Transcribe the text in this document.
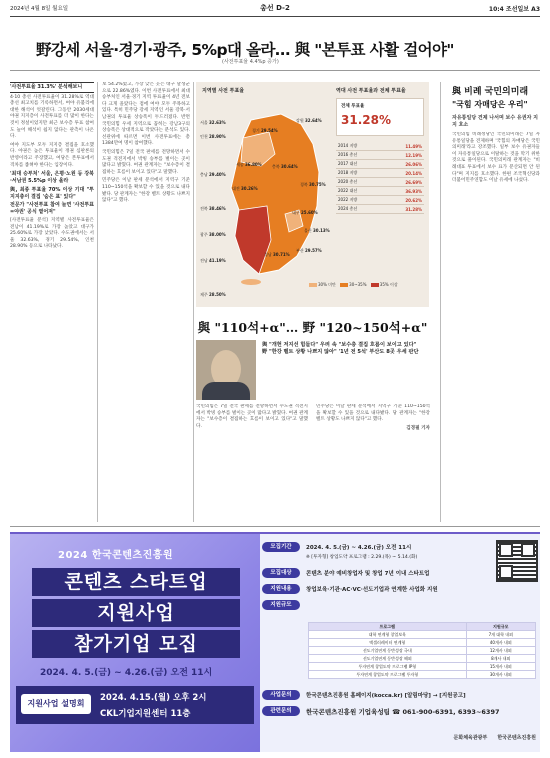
2024년 4월 8일 월요일	총선 D-2	10:4 조선일보 A3
野강세 서울·경기·광주, 5%p대 올라… 與 "본투표 사활 걸어야"
(사전투표율 4.4%p 증가)
'사전투표율 31.3%' 분석해보니

4·10 총선 사전투표율이 31.28%로 역대 총선 최고치를 기록하면서, 여야 유불리에 대한 해석이 엇갈린다. 그동안 2030세대 야권 지지층이 사전투표를 더 많이 한다는 것이 정설이었지만 최근 보수층 투표 참여도 늘어 해석이 쉽지 않다는 관측이 나온다.

여야 지도부 모두 지지층 결집을 호소했다. 야권은 높은 투표율이 정권 심판론의 반영이라고 주장했고, 여당은 본투표에서 격차를 좁혀야 한다는 입장이다.

'최대 승부처' 서울, 은평·노원 등 강북·서남권 5.5%p 이상 올라
與, 최종 투표율 70% 이상 기대 "투지지층이 결집 '숨은 표' 있다"
전문가 "사전투표 참여 늘면 '사전투표=야권' 공식 옅어져"

[사전투표율 분석] 지역별 사전투표율은 전남이 41.19%로 가장 높았고 대구가 25.60%로 가장 낮았다. 수도권에서는 서울 32.63%, 경기 29.54%, 인천 28.90% 등으로 나타났다.

보 54.2%였고, 가장 낮은 곳은 대구 달성군으로 22.86%였다. 이번 사전투표에서 최대 승부처인 서울·경기 지역 투표율이 4년 전보다 크게 올랐다는 점에 여야 모두 주목하고 있다. 특히 민주당 강세 지역인 서울 강북·서남권의 투표율 상승폭이 두드러졌다. 반면 국민의힘 우세 지역으로 꼽히는 강남3구의 상승폭은 상대적으로 작았다는 분석도 있다. 선관위에 따르면 이번 사전투표에는 총 1384만여 명이 참여했다.

국민의힘은 7일 전국 판세를 전망하면서 수도권 격전지에서 박빙 승부를 벌이는 곳이 많다고 밝혔다. 여권 관계자는 "보수층이 결집하는 흐름이 보이고 있다"고 말했다.

민주당은 이날 판세 분석에서 지역구 기준 110~150석을 확보할 수 있을 것으로 내다봤다. 당 관계자는 "한강 벨트 상황도 나쁘지 않다"고 했다.

지역별 사전 투표율	역대 사전 투표율과 전체 투표율
서울 32.63%
인천 28.90%
경기 29.54%
강원 32.64%
충북 30.64%
충남 29.40%
대전 30.26%
세종 36.80%
경북 30.75%
전북 38.46%
대구 25.60%
광주 38.00%
울산 30.13%
부산 29.57%
경남 30.71%
전남 41.19%
제주 28.50%
전체 투표율
31.28%
2014 지방	11.49%
2016 총선	12.19%
2017 대선	26.06%
2018 지방	20.14%
2020 총선	26.69%
2022 대선	36.93%
2022 지방	20.62%
2024 총선	31.28%
30% 미만	30~35%	35% 이상
與 "110석+α"… 野 "120~150석+α"
與 "개헌 저지선 힘들다" 우려 속 "보수층 결집 호름이 보이고 있다" 野 "한강 벨트 상황 나쁘지 않아" '1년 전 5석' 부산도 8곳 우세 판단

국민의힘은 7일 전국 판세를 전망하면서 수도권 격전지에서 박빙 승부를 벌이는 곳이 많다고 밝혔다. 여권 관계자는 "보수층이 결집하는 흐름이 보이고 있다"고 말했다.

민주당은 이날 판세 분석에서 지역구 기준 110~150석을 확보할 수 있을 것으로 내다봤다. 당 관계자는 "한강 벨트 상황도 나쁘지 않다"고 했다.

김경필 기자

與 비례 국민의미래
"국힘 자매당은 우리"
자유통일당 견제 나서며 보수 유권자 지지 호소

국민의힘 비례정당인 국민의미래는 7일 자유통일당을 견제하며 '국힘의 자매당은 국민의미래'라고 강조했다. 일부 보수 유권자들이 자유통일당으로 이탈하는 것을 막기 위한 것으로 풀이된다. 국민의미래 관계자는 "비례대표 투표에서 보수 표가 분산되면 안 된다"며 지지를 호소했다. 한편 조국혁신당과 더불어민주연합도 이날 유세에 나섰다.

2024 한국콘텐츠진흥원
콘텐츠 스타트업
지원사업
참가기업 모집
2024. 4. 5.(금) ~ 4.26.(금) 오전 11시
지원사업 설명회
2024. 4.15.(월) 오후 2시
CKL기업지원센터 11층
모집기간	2024. 4. 5.(금) ~ 4.26.(금) 오전 11시
※ [투자형] 창업도약 프로그램 : 2.29.(목) ~ 5.14.(화)
모집대상	콘텐츠 분야 예비창업자 및 창업 7년 이내 스타트업
지원내용	창업보육·기관·AC·VC·선도기업과 연계한 사업화 지원
지원규모
프로그램	지원규모
대학 연계형 창업보육	7개 대학 내외
액셀러레이터 연계형	40개사 내외
선도기업연계 동반성장 국내	12개사 내외
선도기업연계 동반성장 해외	8개사 내외
투자연계 창업도약 프로그램 IP형	15개사 내외
투자연계 창업도약 프로그램 투자형	30개사 내외
사업문의	한국콘텐츠진흥원 홈페이지(kocca.kr) [알림마당] → [지원공고]
관련문의	한국콘텐츠진흥원 기업육성팀 ☎ 061-900-6391, 6393~6397
문화체육관광부 한국콘텐츠진흥원
